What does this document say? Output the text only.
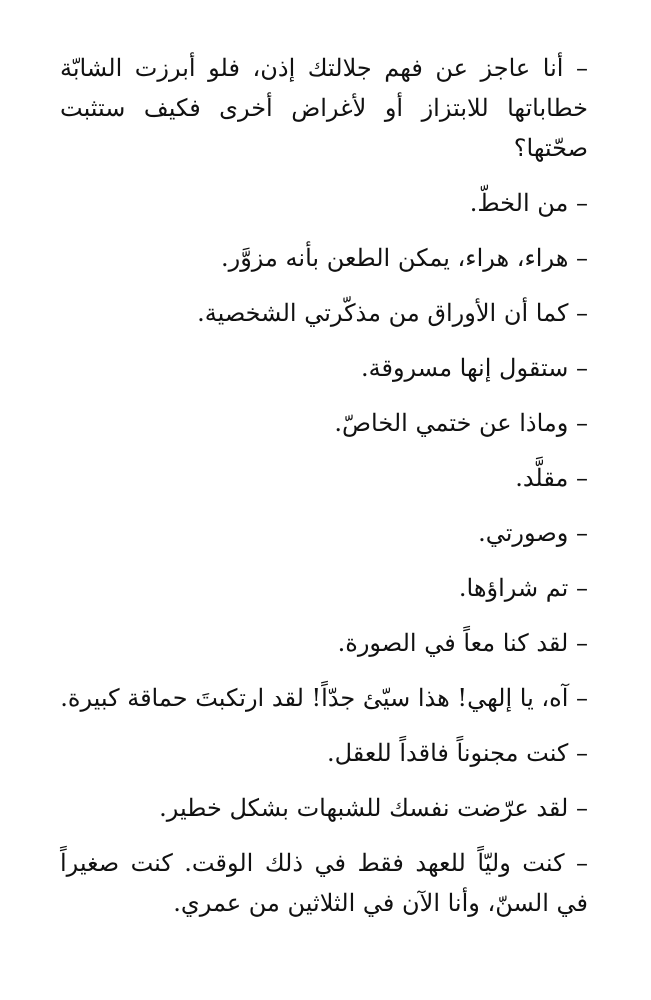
– أنا عاجز عن فهم جلالتك إذن، فلو أبرزت الشابّة خطاباتها للابتزاز أو لأغراض أخرى فكيف ستثبت صحّتها؟

– من الخطّ.

– هراء، هراء، يمكن الطعن بأنه مزوَّر.

– كما أن الأوراق من مذكّرتي الشخصية.

– ستقول إنها مسروقة.

– وماذا عن ختمي الخاصّ.

– مقلَّد.

– وصورتي.

– تم شراؤها.

– لقد كنا معاً في الصورة.

– آه، يا إلهي! هذا سيّئ جدّاً! لقد ارتكبتَ حماقة كبيرة.

– كنت مجنوناً فاقداً للعقل.

– لقد عرّضت نفسك للشبهات بشكل خطير.

– كنت وليّاً للعهد فقط في ذلك الوقت. كنت صغيراً في السنّ، وأنا الآن في الثلاثين من عمري.
